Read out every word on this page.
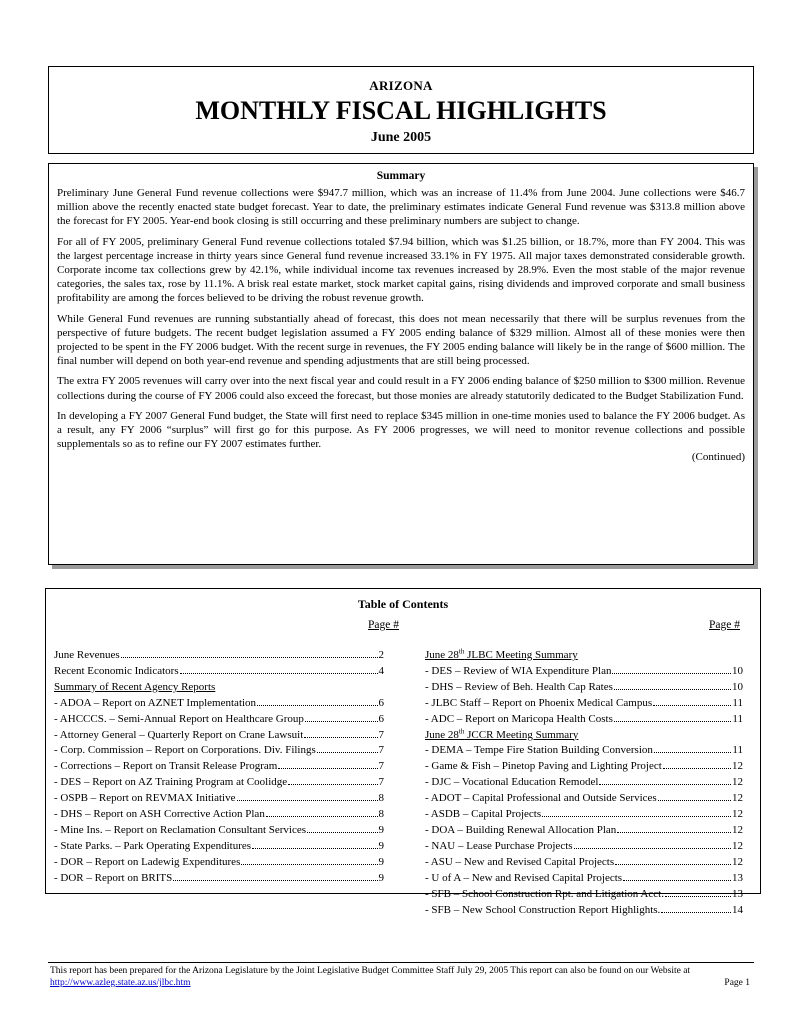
ARIZONA
MONTHLY FISCAL HIGHLIGHTS
June 2005
Summary

Preliminary June General Fund revenue collections were $947.7 million, which was an increase of 11.4% from June 2004. June collections were $46.7 million above the recently enacted state budget forecast. Year to date, the preliminary estimates indicate General Fund revenue was $313.8 million above the forecast for FY 2005. Year-end book closing is still occurring and these preliminary numbers are subject to change.

For all of FY 2005, preliminary General Fund revenue collections totaled $7.94 billion, which was $1.25 billion, or 18.7%, more than FY 2004. This was the largest percentage increase in thirty years since General fund revenue increased 33.1% in FY 1975. All major taxes demonstrated considerable growth. Corporate income tax collections grew by 42.1%, while individual income tax revenues increased by 28.9%. Even the most stable of the major revenue categories, the sales tax, rose by 11.1%. A brisk real estate market, stock market capital gains, rising dividends and improved corporate and small business profitability are among the forces believed to be driving the robust revenue growth.

While General Fund revenues are running substantially ahead of forecast, this does not mean necessarily that there will be surplus revenues from the perspective of future budgets. The recent budget legislation assumed a FY 2005 ending balance of $329 million. Almost all of these monies were then projected to be spent in the FY 2006 budget. With the recent surge in revenues, the FY 2005 ending balance will likely be in the range of $600 million. The final number will depend on both year-end revenue and spending adjustments that are still being processed.

The extra FY 2005 revenues will carry over into the next fiscal year and could result in a FY 2006 ending balance of $250 million to $300 million. Revenue collections during the course of FY 2006 could also exceed the forecast, but those monies are already statutorily dedicated to the Budget Stabilization Fund.

In developing a FY 2007 General Fund budget, the State will first need to replace $345 million in one-time monies used to balance the FY 2006 budget. As a result, any FY 2006 “surplus” will first go for this purpose. As FY 2006 progresses, we will need to monitor revenue collections and possible supplementals so as to refine our FY 2007 estimates further.

(Continued)
Table of Contents
Page #	Page #
June Revenues	2
Recent Economic Indicators	4
Summary of Recent Agency Reports
- ADOA – Report on AZNET Implementation	6
- AHCCCS. – Semi-Annual Report on Healthcare Group	6
- Attorney General – Quarterly Report on Crane Lawsuit	7
- Corp. Commission – Report on Corporations. Div. Filings	7
- Corrections – Report on Transit Release Program	7
- DES – Report on AZ Training Program at Coolidge	7
- OSPB – Report on REVMAX Initiative	8
- DHS – Report on ASH Corrective Action Plan	8
- Mine Ins. – Report on Reclamation Consultant Services	9
- State Parks. – Park Operating Expenditures	9
- DOR – Report on Ladewig Expenditures	9
- DOR – Report on BRITS	9
June 28th JLBC Meeting Summary
- DES – Review of WIA Expenditure Plan	10
- DHS – Review of Beh. Health Cap Rates	10
- JLBC Staff – Report on Phoenix Medical Campus	11
- ADC – Report on Maricopa Health Costs	11
June 28th JCCR Meeting Summary
- DEMA – Tempe Fire Station Building Conversion	11
- Game & Fish – Pinetop Paving and Lighting Project	12
- DJC – Vocational Education Remodel	12
- ADOT – Capital Professional and Outside Services	12
- ASDB – Capital Projects	12
- DOA – Building Renewal Allocation Plan	12
- NAU – Lease Purchase Projects	12
- ASU – New and Revised Capital Projects	12
- U of A – New and Revised Capital Projects	13
- SFB – School Construction Rpt. and Litigation Acct.	13
- SFB – New School Construction Report Highlights.	14
This report has been prepared for the Arizona Legislature by the Joint Legislative Budget Committee Staff July 29, 2005 This report can also be found on our Website at http://www.azleg.state.az.us/jlbc.htm	Page 1
